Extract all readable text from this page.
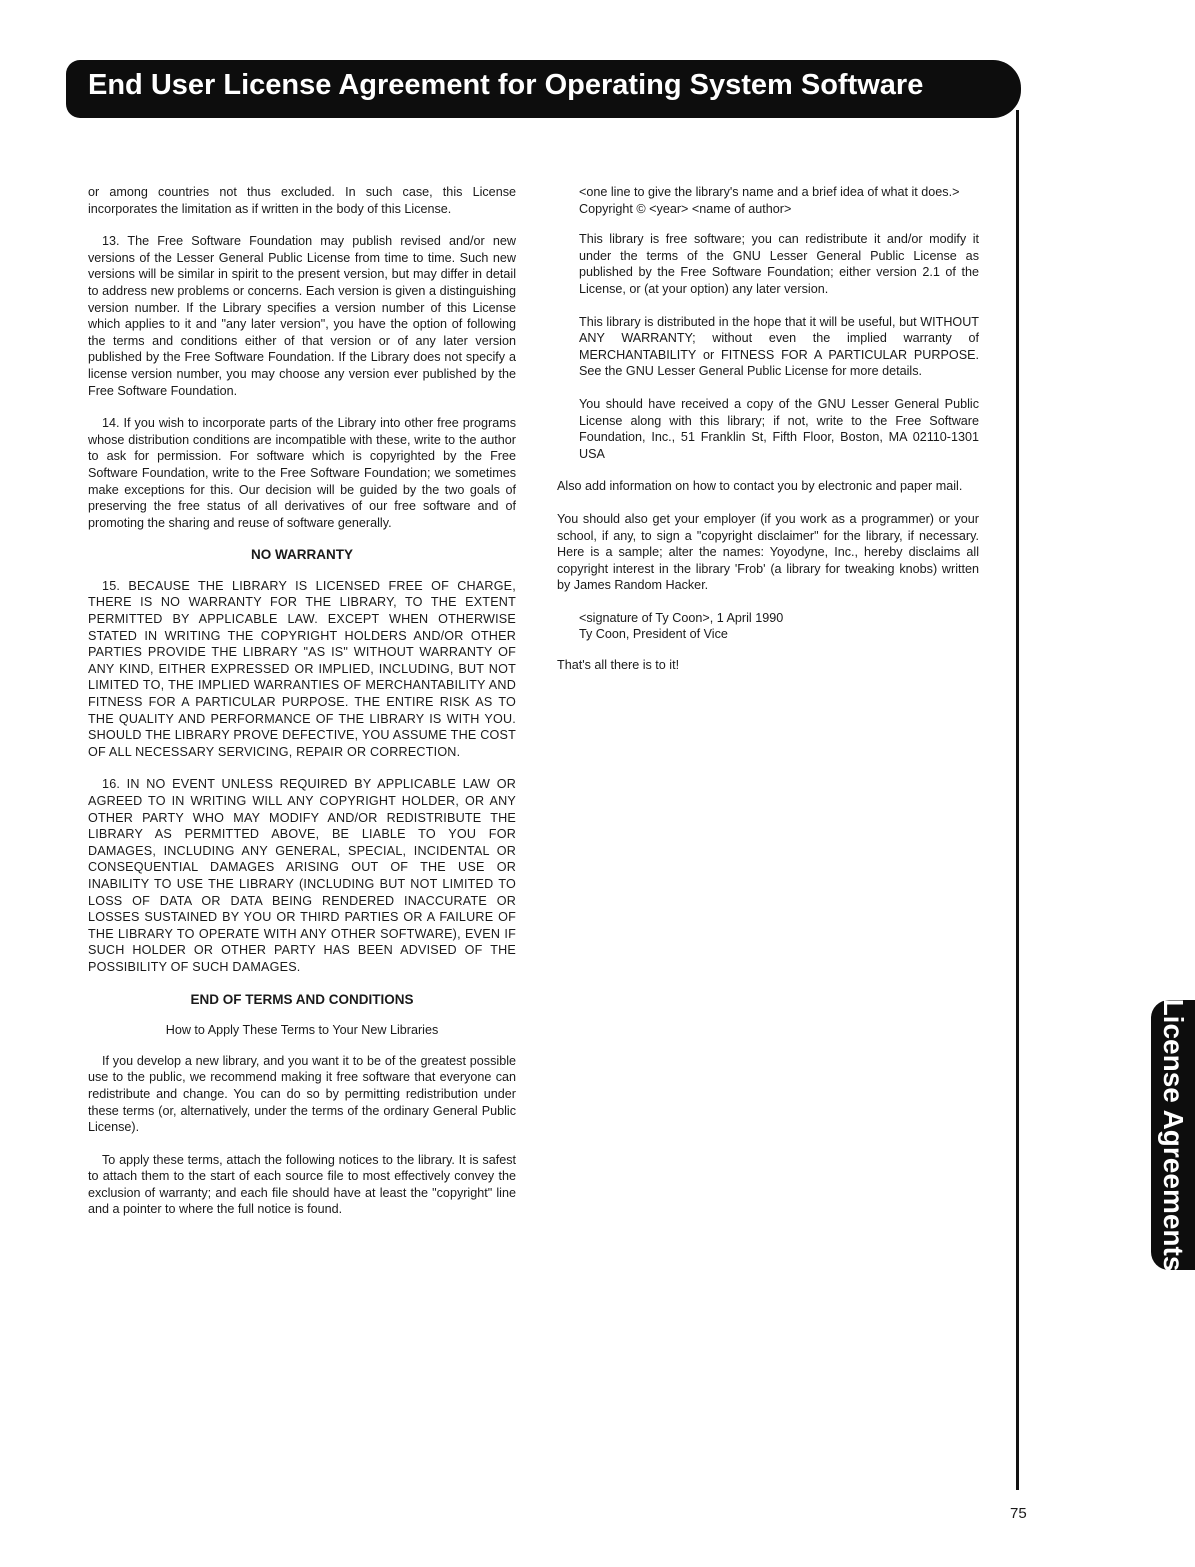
End User License Agreement for Operating System Software
License Agreements

or among countries not thus excluded. In such case, this License incorporates the limitation as if written in the body of this License.

13. The Free Software Foundation may publish revised and/or new versions of the Lesser General Public License from time to time. Such new versions will be similar in spirit to the present version, but may differ in detail to address new problems or concerns. Each version is given a distinguishing version number. If the Library specifies a version number of this License which applies to it and "any later version", you have the option of following the terms and conditions either of that version or of any later version published by the Free Software Foundation. If the Library does not specify a license version number, you may choose any version ever published by the Free Software Foundation.

14. If you wish to incorporate parts of the Library into other free programs whose distribution conditions are incompatible with these, write to the author to ask for permission. For software which is copyrighted by the Free Software Foundation, write to the Free Software Foundation; we sometimes make exceptions for this. Our decision will be guided by the two goals of preserving the free status of all derivatives of our free software and of promoting the sharing and reuse of software generally.

NO WARRANTY

15. BECAUSE THE LIBRARY IS LICENSED FREE OF CHARGE, THERE IS NO WARRANTY FOR THE LIBRARY, TO THE EXTENT PERMITTED BY APPLICABLE LAW. EXCEPT WHEN OTHERWISE STATED IN WRITING THE COPYRIGHT HOLDERS AND/OR OTHER PARTIES PROVIDE THE LIBRARY "AS IS" WITHOUT WARRANTY OF ANY KIND, EITHER EXPRESSED OR IMPLIED, INCLUDING, BUT NOT LIMITED TO, THE IMPLIED WARRANTIES OF MERCHANTABILITY AND FITNESS FOR A PARTICULAR PURPOSE. THE ENTIRE RISK AS TO THE QUALITY AND PERFORMANCE OF THE LIBRARY IS WITH YOU. SHOULD THE LIBRARY PROVE DEFECTIVE, YOU ASSUME THE COST OF ALL NECESSARY SERVICING, REPAIR OR CORRECTION.

16. IN NO EVENT UNLESS REQUIRED BY APPLICABLE LAW OR AGREED TO IN WRITING WILL ANY COPYRIGHT HOLDER, OR ANY OTHER PARTY WHO MAY MODIFY AND/OR REDISTRIBUTE THE LIBRARY AS PERMITTED ABOVE, BE LIABLE TO YOU FOR DAMAGES, INCLUDING ANY GENERAL, SPECIAL, INCIDENTAL OR CONSEQUENTIAL DAMAGES ARISING OUT OF THE USE OR INABILITY TO USE THE LIBRARY (INCLUDING BUT NOT LIMITED TO LOSS OF DATA OR DATA BEING RENDERED INACCURATE OR LOSSES SUSTAINED BY YOU OR THIRD PARTIES OR A FAILURE OF THE LIBRARY TO OPERATE WITH ANY OTHER SOFTWARE), EVEN IF SUCH HOLDER OR OTHER PARTY HAS BEEN ADVISED OF THE POSSIBILITY OF SUCH DAMAGES.

END OF TERMS AND CONDITIONS
How to Apply These Terms to Your New Libraries

If you develop a new library, and you want it to be of the greatest possible use to the public, we recommend making it free software that everyone can redistribute and change. You can do so by permitting redistribution under these terms (or, alternatively, under the terms of the ordinary General Public License).

To apply these terms, attach the following notices to the library. It is safest to attach them to the start of each source file to most effectively convey the exclusion of warranty; and each file should have at least the "copyright" line and a pointer to where the full notice is found.

<one line to give the library's name and a brief idea of what it does.>
Copyright © <year> <name of author>

This library is free software; you can redistribute it and/or modify it under the terms of the GNU Lesser General Public License as published by the Free Software Foundation; either version 2.1 of the License, or (at your option) any later version.

This library is distributed in the hope that it will be useful, but WITHOUT ANY WARRANTY; without even the implied warranty of MERCHANTABILITY or FITNESS FOR A PARTICULAR PURPOSE. See the GNU Lesser General Public License for more details.

You should have received a copy of the GNU Lesser General Public License along with this library; if not, write to the Free Software Foundation, Inc., 51 Franklin St, Fifth Floor, Boston, MA 02110-1301 USA

Also add information on how to contact you by electronic and paper mail.

You should also get your employer (if you work as a programmer) or your school, if any, to sign a "copyright disclaimer" for the library, if necessary. Here is a sample; alter the names: Yoyodyne, Inc., hereby disclaims all copyright interest in the library 'Frob' (a library for tweaking knobs) written by James Random Hacker.

<signature of Ty Coon>, 1 April 1990
Ty Coon, President of Vice

That's all there is to it!

75
